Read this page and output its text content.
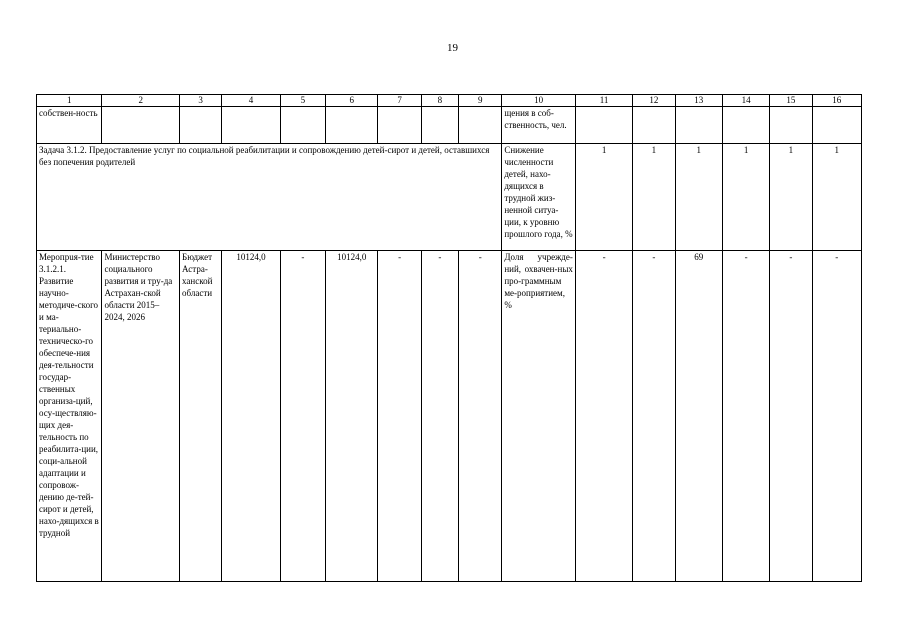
19
1	2	3	4	5	6	7	8	9	10	11	12	13	14	15	16
собствен-ность									щения в соб-ственность, чел.						
Задача 3.1.2. Предоставление услуг по социальной реабилитации и сопровождению детей-сирот и детей, оставшихся без попечения родителей									Снижение численности детей, нахо-дящихся в трудной жиз-ненной ситуа-ции, к уровню прошлого года, %	1	1	1	1	1	1
Меропрuя-тие 3.1.2.1. Развитие научно-методиче-ского и ма-териально-техническо-го обеспече-ния дея-тельности государ-ственных организа-ций, осу-ществляю-щих дея-тельность по реабилита-ции, соци-альной адаптации и сопровож-дению де-тей-сирот и детей, нахо-дящихся в трудной	Министерство социального развития и тру-да Астрахан-ской области 2015–2024, 2026	Бюджет Астра-ханской области	10124,0	-	10124,0	-	-	-	Доля учрежде-ний, охвачен-ных про-граммным ме-роприятием, %	-	-	69	-	-	-
